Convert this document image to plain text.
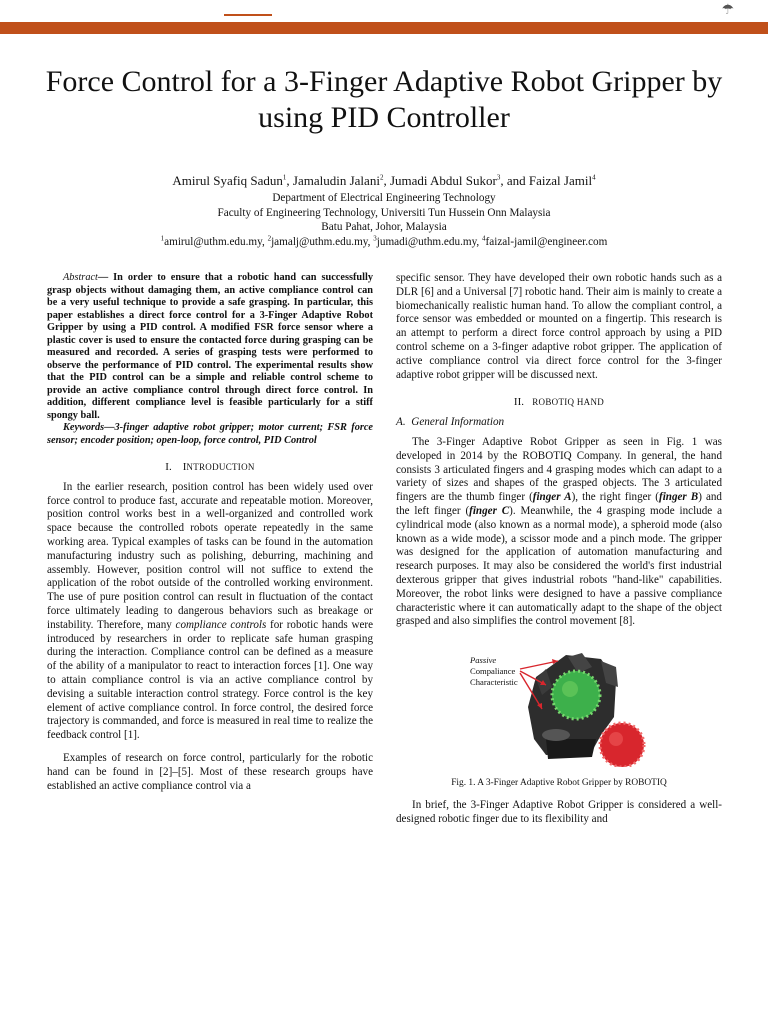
☂
Force Control for a 3-Finger Adaptive Robot Gripper by using PID Controller
Amirul Syafiq Sadun$^1$, Jamaludin Jalani$^2$, Jumadi Abdul Sukor$^3$, and Faizal Jamil$^4$
Department of Electrical Engineering Technology
Faculty of Engineering Technology, Universiti Tun Hussein Onn Malaysia
Batu Pahat, Johor, Malaysia
$^1$amirul@uthm.edu.my, $^2$jamalj@uthm.edu.my, $^3$jumadi@uthm.edu.my, $^4$faizal-jamil@engineer.com

Abstract— In order to ensure that a robotic hand can successfully grasp objects without damaging them, an active compliance control can be a very useful technique to provide a safe grasping. In particular, this paper establishes a direct force control for a 3-Finger Adaptive Robot Gripper by using a PID control. A modified FSR force sensor where a plastic cover is used to ensure the contacted force during grasping can be measured and recorded. A series of grasping tests were performed to observe the performance of PID control. The experimental results show that the PID control can be a simple and reliable control scheme to provide an active compliance control through direct force control. In addition, different compliance level is feasible particularly for a stiff spongy ball.

Keywords—3-finger adaptive robot gripper; motor current; FSR force sensor; encoder position; open-loop, force control, PID Control

I. INTRODUCTION

In the earlier research, position control has been widely used over force control to produce fast, accurate and repeatable motion. Moreover, position control works best in a well-organized and controlled work space because the controlled robots operate repeatedly in the same working area. Typical examples of tasks can be found in the automation manufacturing industry such as polishing, deburring, machining and assembly. However, position control will not suffice to extend the application of the robot outside of the controlled working environment. The use of pure position control can result in fluctuation of the contact force ultimately leading to dangerous behaviors such as breakage or instability. Therefore, many compliance controls for robotic hands were introduced by researchers in order to replicate safe human grasping during the interaction. Compliance control can be defined as a measure of the ability of a manipulator to react to interaction forces [1]. One way to attain compliance control is via an active compliance control by devising a suitable interaction control strategy. Force control is the key element of active compliance control. In force control, the desired force trajectory is commanded, and force is measured in real time to realize the feedback control [1].

Examples of research on force control, particularly for the robotic hand can be found in [2]–[5]. Most of these research groups have established an active compliance control via a

specific sensor. They have developed their own robotic hands such as a DLR [6] and a Universal [7] robotic hand. Their aim is mainly to create a biomechanically realistic human hand. To allow the compliant control, a force sensor was embedded or mounted on a fingertip. This research is an attempt to perform a direct force control approach by using a PID control scheme on a 3-finger adaptive robot gripper. The application of active compliance control via direct force control for the 3-finger adaptive robot gripper will be discussed next.

II. ROBOTIQ HAND
A. General Information

The 3-Finger Adaptive Robot Gripper as seen in Fig. 1 was developed in 2014 by the ROBOTIQ Company. In general, the hand consists 3 articulated fingers and 4 grasping modes which can adapt to a variety of sizes and shapes of the grasped objects. The 3 articulated fingers are the thumb finger (finger A), the right finger (finger B) and the left finger (finger C). Meanwhile, the 4 grasping mode include a cylindrical mode (also known as a normal mode), a spheroid mode (also known as a wide mode), a scissor mode and a pinch mode. The gripper was designed for the application of automation manufacturing and research purposes. It may also be considered the world's first industrial dexterous gripper that gives industrial robots "hand-like" capabilities. Moreover, the robot links were designed to have a passive compliance characteristic where it can automatically adapt to the shape of the object grasped and also simplifies the control movement [8].

Passive
Compaliance
Characteristic
Fig. 1. A 3-Finger Adaptive Robot Gripper by ROBOTIQ

In brief, the 3-Finger Adaptive Robot Gripper is considered a well-designed robotic finger due to its flexibility and
